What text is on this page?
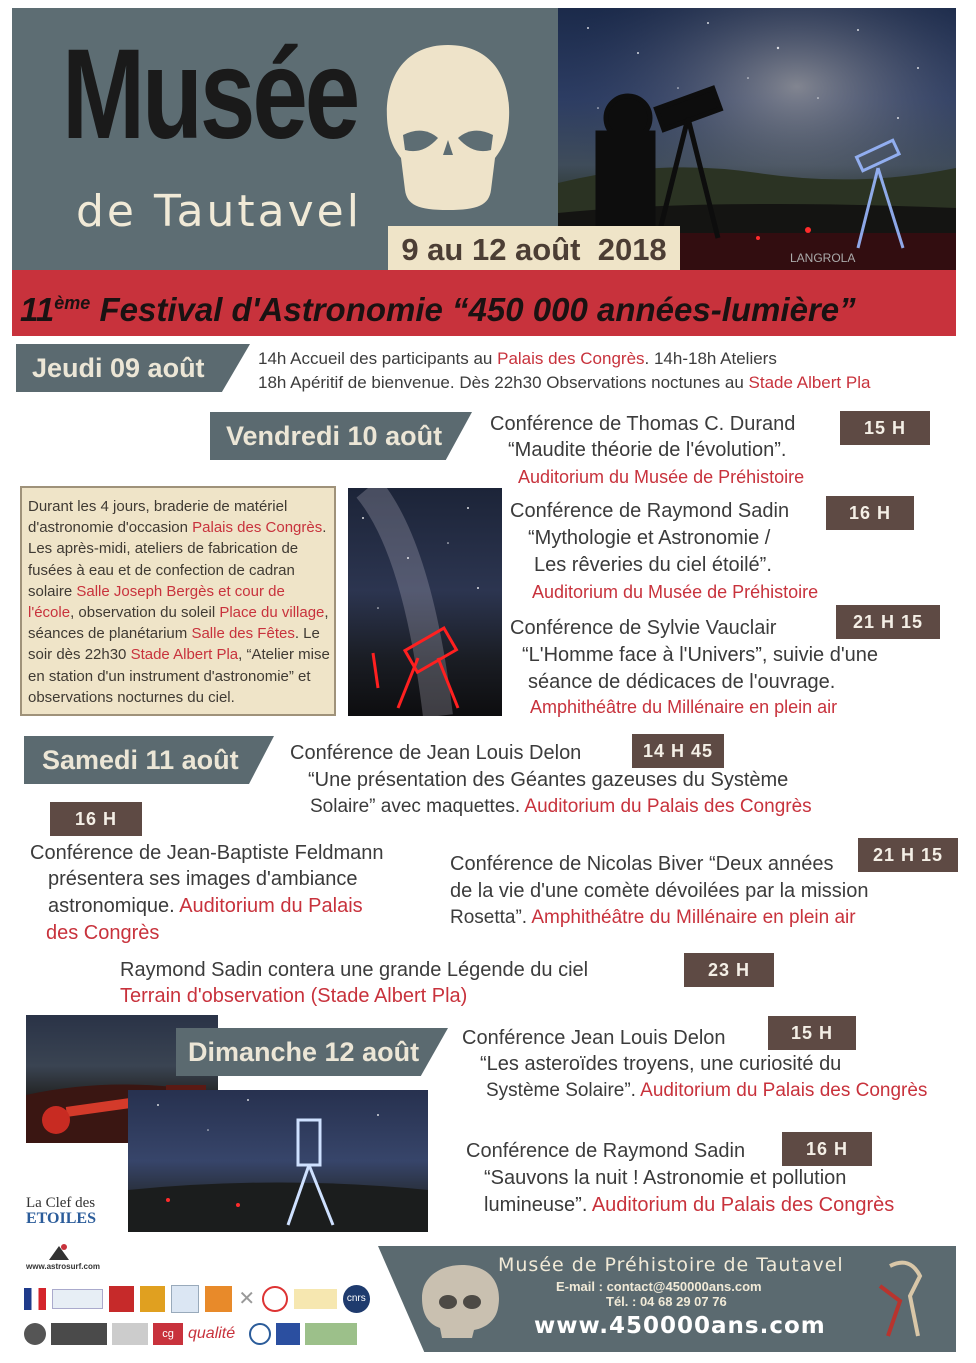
LANGROLA
Musée
de Tautavel
9 au 12 août  2018
11ème Festival d'Astronomie “450 000 années-lumière”
Jeudi 09 août	14h Accueil des participants au Palais des Congrès. 14h-18h Ateliers
18h Apéritif de bienvenue. Dès 22h30 Observations noctunes au Stade Albert Pla
Vendredi 10 août Conférence de Thomas C. Durand	15 H
“Maudite théorie de l'évolution”.
Auditorium du Musée de Préhistoire
Durant les 4 jours, braderie de matériel d'astronomie d'occasion Palais des Congrès. Les après-midi, ateliers de fabrication de fusées à eau et de confection de cadran solaire Salle Joseph Bergès et cour de l'école, observation du soleil Place du village, séances de planétarium Salle des Fêtes. Le soir dès 22h30 Stade Albert Pla, “Atelier mise en station d'un instrument d'astronomie” et observations nocturnes du ciel.
Conférence de Raymond Sadin	16 H
“Mythologie et Astronomie /
Les rêveries du ciel étoilé”.
Auditorium du Musée de Préhistoire
Conférence de Sylvie Vauclair	21 H 15
“L'Homme face à l'Univers”, suivie d'une
séance de dédicaces de l'ouvrage.
Amphithéâtre du Millénaire en plein air
Samedi 11 août	Conférence de Jean Louis Delon	14 H 45
“Une présentation des Géantes gazeuses du Système
Solaire” avec maquettes. Auditorium du Palais des Congrès
16 H
Conférence de Jean-Baptiste Feldmann
présentera ses images d'ambiance
astronomique. Auditorium du Palais
des Congrès
21 H 15
Conférence de Nicolas Biver “Deux années
de la vie d'une comète dévoilées par la mission
Rosetta”. Amphithéâtre du Millénaire en plein air
Raymond Sadin contera une grande Légende du ciel	23 H
Terrain d'observation (Stade Albert Pla)
Dimanche 12 août Conférence Jean Louis Delon	15 H
“Les asteroïdes troyens, une curiosité du
Système Solaire”. Auditorium du Palais des Congrès
Conférence de Raymond Sadin	16 H
“Sauvons la nuit ! Astronomie et pollution
lumineuse”. Auditorium du Palais des Congrès
La Clef des
ETOILES
www.astrosurf.com
✕	cnrs
cg qualité
Musée de Préhistoire de Tautavel
E-mail : contact@450000ans.com
Tél. : 04 68 29 07 76
www.450000ans.com
